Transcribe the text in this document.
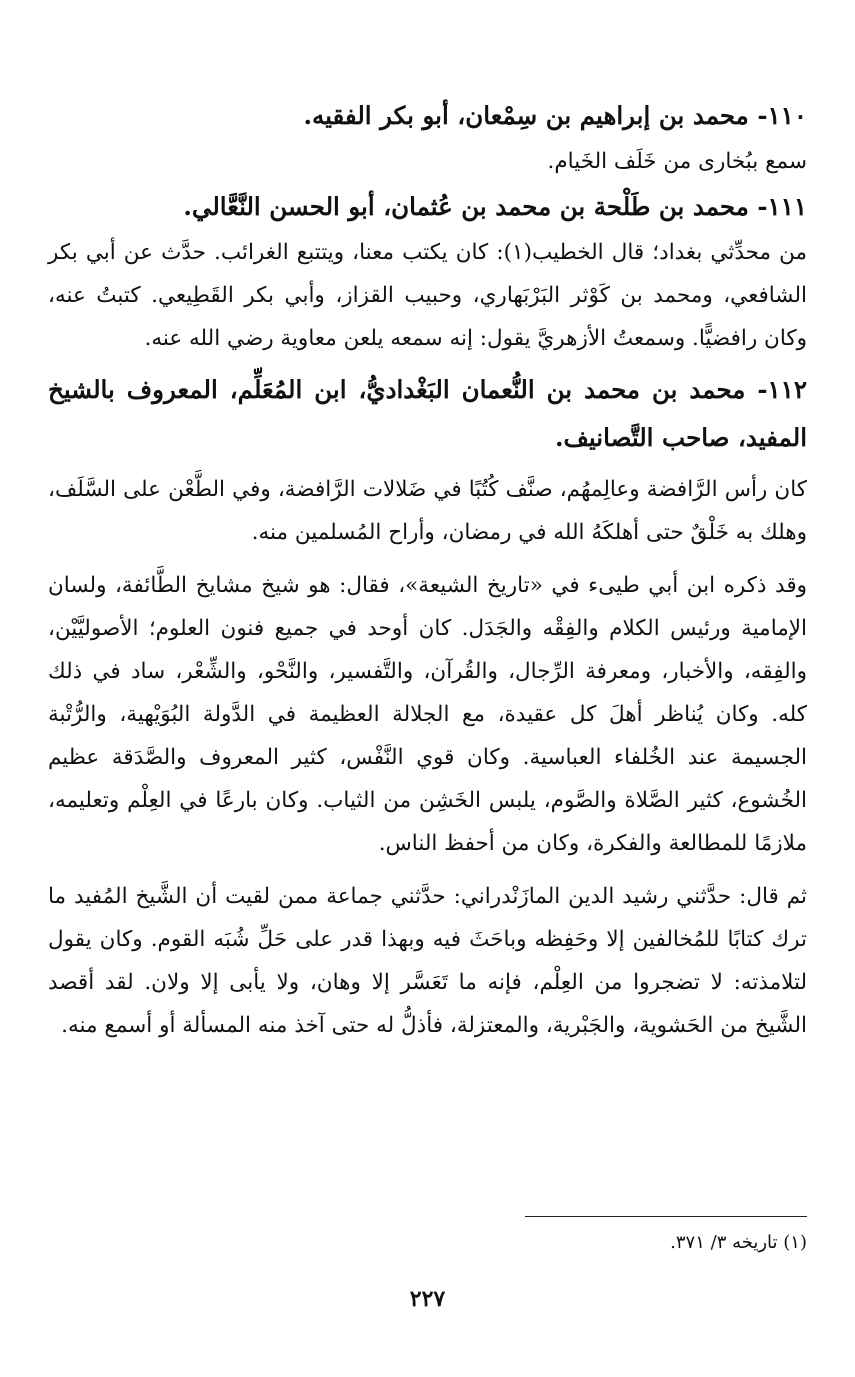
١١٠- محمد بن إبراهيم بن سِمْعان، أبو بكر الفقيه.

سمع ببُخارى من خَلَف الخَيام.

١١١- محمد بن طَلْحة بن محمد بن عُثمان، أبو الحسن النَّعَّالي.

من محدِّثي بغداد؛ قال الخطيب(١): كان يكتب معنا، ويتتبع الغرائب. حدَّث عن أبي بكر الشافعي، ومحمد بن كَوْثر البَرْبَهاري، وحبيب القزاز، وأبي بكر القَطِيعي. كتبتُ عنه، وكان رافضيًّا. وسمعتُ الأزهريَّ يقول: إنه سمعه يلعن معاوية رضي الله عنه.

١١٢- محمد بن محمد بن النُّعمان البَغْداديُّ، ابن المُعَلِّم، المعروف بالشيخ المفيد، صاحب التَّصانيف.

كان رأس الرَّافضة وعالِمهُم، صنَّف كُتُبًا في ضَلالات الرَّافضة، وفي الطَّعْن على السَّلَف، وهلك به خَلْقٌ حتى أهلكَهُ الله في رمضان، وأراح المُسلمين منه.

وقد ذكره ابن أبي طيىء في «تاريخ الشيعة»، فقال: هو شيخ مشايخ الطَّائفة، ولسان الإمامية ورئيس الكلام والفِقْه والجَدَل. كان أوحد في جميع فنون العلوم؛ الأصوليَّيْن، والفِقه، والأخبار، ومعرفة الرِّجال، والقُرآن، والتَّفسير، والنَّحْو، والشِّعْر، ساد في ذلك كله. وكان يُناظر أهلَ كل عقيدة، مع الجلالة العظيمة في الدَّولة البُوَيْهية، والرُّتْبة الجسيمة عند الخُلفاء العباسية. وكان قوي النَّفْس، كثير المعروف والصَّدَقة عظيم الخُشوع، كثير الصَّلاة والصَّوم، يلبس الخَشِن من الثياب. وكان بارعًا في العِلْم وتعليمه، ملازمًا للمطالعة والفكرة، وكان من أحفظ الناس.

ثم قال: حدَّثني رشيد الدين المازَنْدراني: حدَّثني جماعة ممن لقيت أن الشَّيخ المُفيد ما ترك كتابًا للمُخالفين إلا وحَفِظه وباحَثَ فيه وبهذا قدر على حَلِّ شُبَه القوم. وكان يقول لتلامذته: لا تضجروا من العِلْم، فإنه ما تَعَسَّر إلا وهان، ولا يأبى إلا ولان. لقد أقصد الشَّيخ من الحَشوية، والجَبْرية، والمعتزلة، فأذلُّ له حتى آخذ منه المسألة أو أسمع منه.

(١) تاريخه ٣/ ٣٧١.
٢٢٧
